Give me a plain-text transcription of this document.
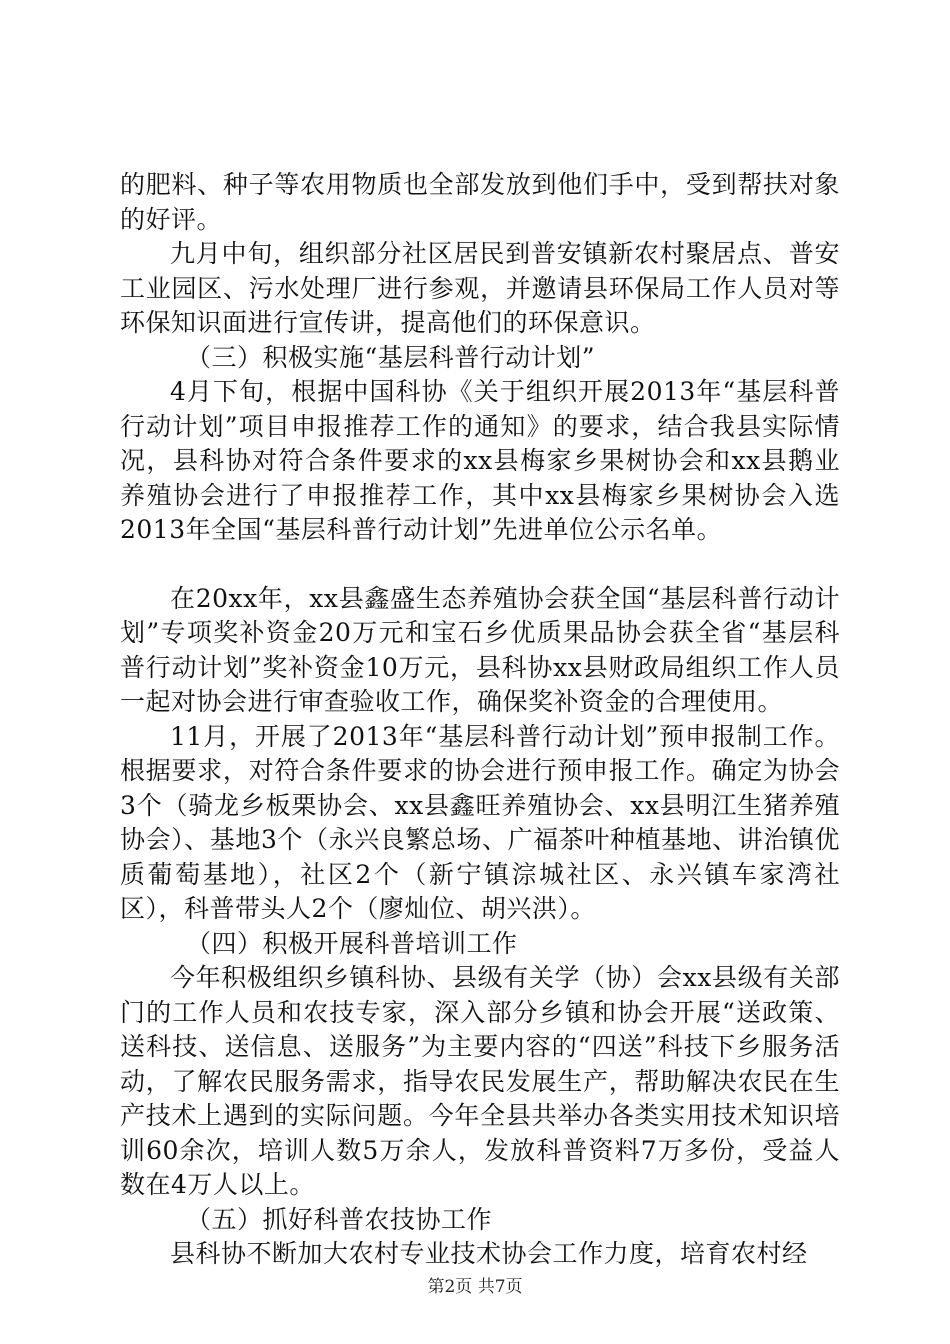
的肥料、种子等农用物质也全部发放到他们手中，受到帮扶对象的好评。

九月中旬，组织部分社区居民到普安镇新农村聚居点、普安工业园区、污水处理厂进行参观，并邀请县环保局工作人员对等环保知识面进行宣传讲，提高他们的环保意识。

（三）积极实施“基层科普行动计划”

4月下旬，根据中国科协《关于组织开展2013年“基层科普行动计划”项目申报推荐工作的通知》的要求，结合我县实际情况，县科协对符合条件要求的xx县梅家乡果树协会和xx县鹅业养殖协会进行了申报推荐工作，其中xx县梅家乡果树协会入选2013年全国“基层科普行动计划”先进单位公示名单。

在20xx年，xx县鑫盛生态养殖协会获全国“基层科普行动计划”专项奖补资金20万元和宝石乡优质果品协会获全省“基层科普行动计划”奖补资金10万元，县科协xx县财政局组织工作人员一起对协会进行审查验收工作，确保奖补资金的合理使用。

11月，开展了2013年“基层科普行动计划”预申报制工作。根据要求，对符合条件要求的协会进行预申报工作。确定为协会3个（骑龙乡板栗协会、xx县鑫旺养殖协会、xx县明江生猪养殖协会）、基地3个（永兴良繁总场、广福茶叶种植基地、讲治镇优质葡萄基地），社区2个（新宁镇淙城社区、永兴镇车家湾社区），科普带头人2个（廖灿位、胡兴洪）。

（四）积极开展科普培训工作

今年积极组织乡镇科协、县级有关学（协）会xx县级有关部门的工作人员和农技专家，深入部分乡镇和协会开展“送政策、送科技、送信息、送服务”为主要内容的“四送”科技下乡服务活动，了解农民服务需求，指导农民发展生产，帮助解决农民在生产技术上遇到的实际问题。今年全县共举办各类实用技术知识培训60余次，培训人数5万余人，发放科普资料7万多份，受益人数在4万人以上。

（五）抓好科普农技协工作

县科协不断加大农村专业技术协会工作力度，培育农村经

第2页 共7页
